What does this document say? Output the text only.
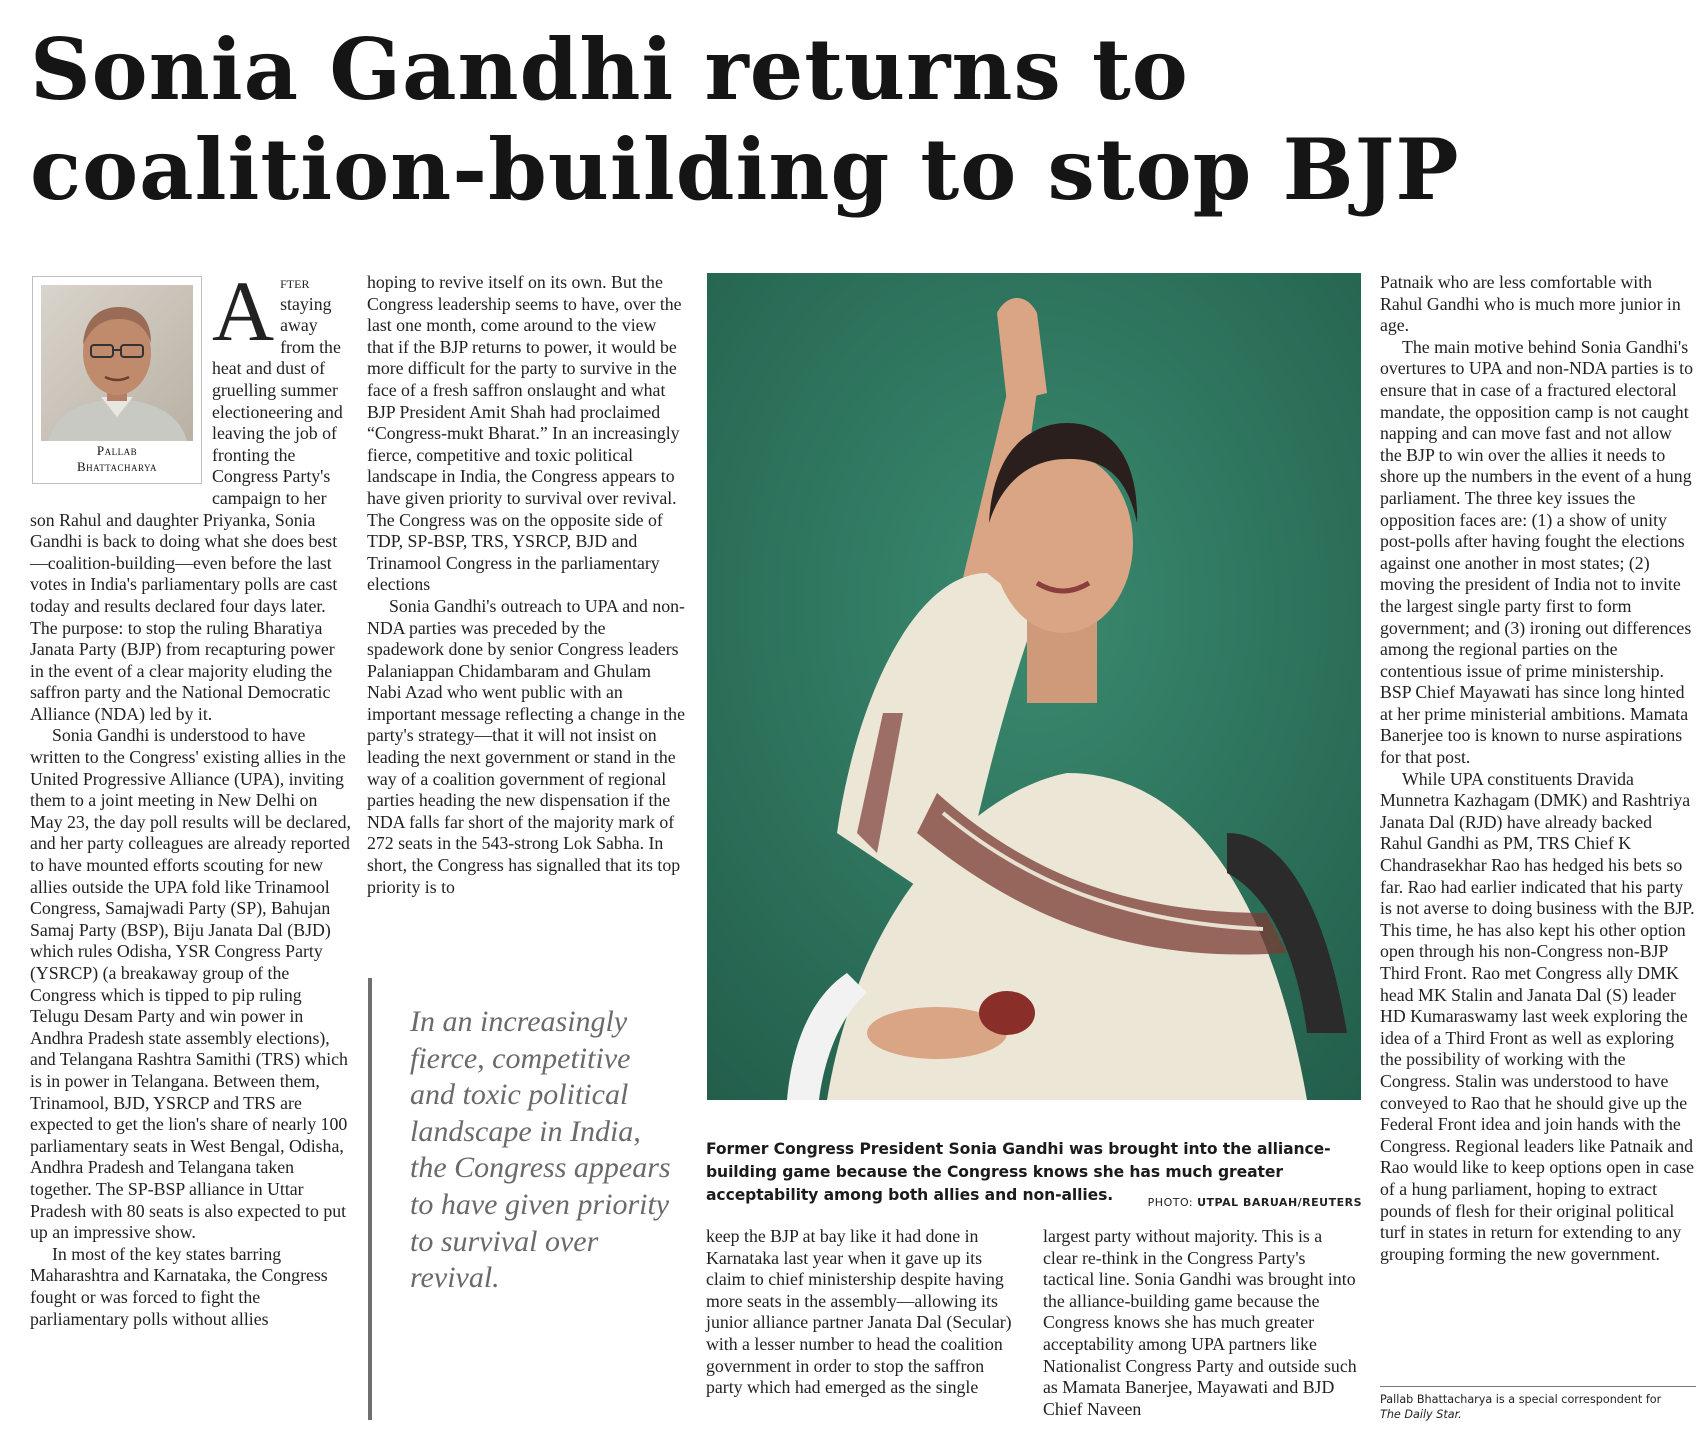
Sonia Gandhi returns to
coalition-building to stop BJP
Pallab
Bhattacharya

After staying away from the heat and dust of gruelling summer electioneering and leaving the job of fronting the Congress Party's campaign to her son Rahul and daughter Priyanka, Sonia Gandhi is back to doing what she does best—coalition-building—even before the last votes in India's parliamentary polls are cast today and results declared four days later. The purpose: to stop the ruling Bharatiya Janata Party (BJP) from recapturing power in the event of a clear majority eluding the saffron party and the National Democratic Alliance (NDA) led by it.

Sonia Gandhi is understood to have written to the Congress' existing allies in the United Progressive Alliance (UPA), inviting them to a joint meeting in New Delhi on May 23, the day poll results will be declared, and her party colleagues are already reported to have mounted efforts scouting for new allies outside the UPA fold like Trinamool Congress, Samajwadi Party (SP), Bahujan Samaj Party (BSP), Biju Janata Dal (BJD) which rules Odisha, YSR Congress Party (YSRCP) (a breakaway group of the Congress which is tipped to pip ruling Telugu Desam Party and win power in Andhra Pradesh state assembly elections), and Telangana Rashtra Samithi (TRS) which is in power in Telangana. Between them, Trinamool, BJD, YSRCP and TRS are expected to get the lion's share of nearly 100 parliamentary seats in West Bengal, Odisha, Andhra Pradesh and Telangana taken together. The SP-BSP alliance in Uttar Pradesh with 80 seats is also expected to put up an impressive show.

In most of the key states barring Maharashtra and Karnataka, the Congress fought or was forced to fight the parliamentary polls without allies

hoping to revive itself on its own. But the Congress leadership seems to have, over the last one month, come around to the view that if the BJP returns to power, it would be more difficult for the party to survive in the face of a fresh saffron onslaught and what BJP President Amit Shah had proclaimed “Congress-mukt Bharat.” In an increasingly fierce, competitive and toxic political landscape in India, the Congress appears to have given priority to survival over revival. The Congress was on the opposite side of TDP, SP-BSP, TRS, YSRCP, BJD and Trinamool Congress in the parliamentary elections

Sonia Gandhi's outreach to UPA and non-NDA parties was preceded by the spadework done by senior Congress leaders Palaniappan Chidambaram and Ghulam Nabi Azad who went public with an important message reflecting a change in the party's strategy—that it will not insist on leading the next government or stand in the way of a coalition government of regional parties heading the new dispensation if the NDA falls far short of the majority mark of 272 seats in the 543-strong Lok Sabha. In short, the Congress has signalled that its top priority is to

In an increasingly fierce, competitive and toxic political landscape in India, the Congress appears to have given priority to survival over revival.
Former Congress President Sonia Gandhi was brought into the alliance-building game because the Congress knows she has much greater acceptability among both allies and non-allies.	PHOTO: UTPAL BARUAH/REUTERS

keep the BJP at bay like it had done in Karnataka last year when it gave up its claim to chief ministership despite having more seats in the assembly—allowing its junior alliance partner Janata Dal (Secular) with a lesser number to head the coalition government in order to stop the saffron party which had emerged as the single

largest party without majority. This is a clear re-think in the Congress Party's tactical line. Sonia Gandhi was brought into the alliance-building game because the Congress knows she has much greater acceptability among UPA partners like Nationalist Congress Party and outside such as Mamata Banerjee, Mayawati and BJD Chief Naveen

Patnaik who are less comfortable with Rahul Gandhi who is much more junior in age.

The main motive behind Sonia Gandhi's overtures to UPA and non-NDA parties is to ensure that in case of a fractured electoral mandate, the opposition camp is not caught napping and can move fast and not allow the BJP to win over the allies it needs to shore up the numbers in the event of a hung parliament. The three key issues the opposition faces are: (1) a show of unity post-polls after having fought the elections against one another in most states; (2) moving the president of India not to invite the largest single party first to form government; and (3) ironing out differences among the regional parties on the contentious issue of prime ministership. BSP Chief Mayawati has since long hinted at her prime ministerial ambitions. Mamata Banerjee too is known to nurse aspirations for that post.

While UPA constituents Dravida Munnetra Kazhagam (DMK) and Rashtriya Janata Dal (RJD) have already backed Rahul Gandhi as PM, TRS Chief K Chandrasekhar Rao has hedged his bets so far. Rao had earlier indicated that his party is not averse to doing business with the BJP. This time, he has also kept his other option open through his non-Congress non-BJP Third Front. Rao met Congress ally DMK head MK Stalin and Janata Dal (S) leader HD Kumaraswamy last week exploring the idea of a Third Front as well as exploring the possibility of working with the Congress. Stalin was understood to have conveyed to Rao that he should give up the Federal Front idea and join hands with the Congress. Regional leaders like Patnaik and Rao would like to keep options open in case of a hung parliament, hoping to extract pounds of flesh for their original political turf in states in return for extending to any grouping forming the new government.

Pallab Bhattacharya is a special correspondent for
The Daily Star.
